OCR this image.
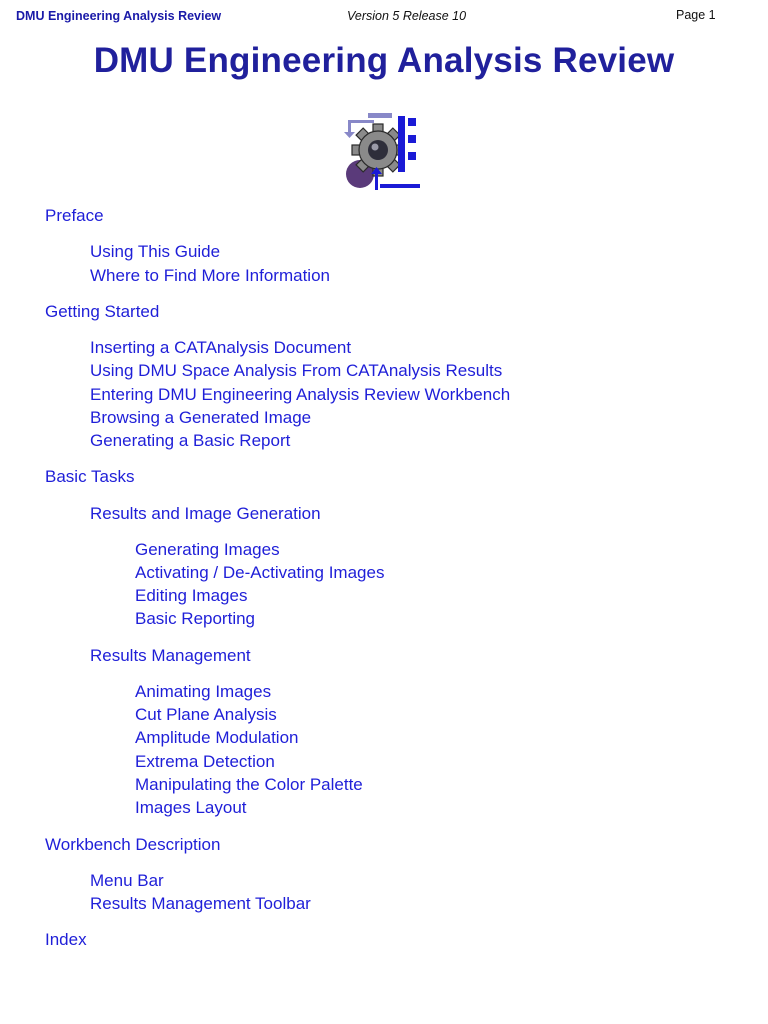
DMU Engineering Analysis Review	Version 5 Release 10	Page 1
DMU Engineering Analysis Review
Preface
Using This Guide
Where to Find More Information
Getting Started
Inserting a CATAnalysis Document
Using DMU Space Analysis From CATAnalysis Results
Entering DMU Engineering Analysis Review Workbench
Browsing a Generated Image
Generating a Basic Report
Basic Tasks
Results and Image Generation
Generating Images
Activating / De-Activating Images
Editing Images
Basic Reporting
Results Management
Animating Images
Cut Plane Analysis
Amplitude Modulation
Extrema Detection
Manipulating the Color Palette
Images Layout
Workbench Description
Menu Bar
Results Management Toolbar
Index
